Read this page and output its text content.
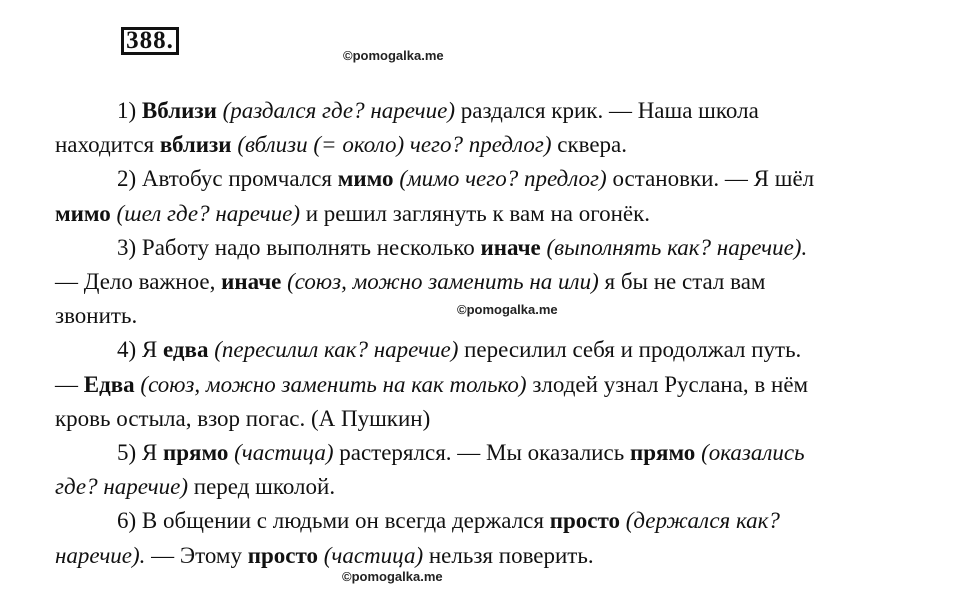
388.
©pomogalka.me
©pomogalka.me
©pomogalka.me
1) Вблизи (раздался где? наречие) раздался крик. — Наша школа
находится вблизи (вблизи (= около) чего? предлог) сквера.
2) Автобус промчался мимо (мимо чего? предлог) остановки. — Я шёл
мимо (шел где? наречие) и решил заглянуть к вам на огонёк.
3) Работу надо выполнять несколько иначе (выполнять как? наречие).
— Дело важное, иначе (союз, можно заменить на или) я бы не стал вам
звонить.
4) Я едва (пересилил как? наречие) пересилил себя и продолжал путь.
— Едва (союз, можно заменить на как только) злодей узнал Руслана, в нём
кровь остыла, взор погас. (А Пушкин)
5) Я прямо (частица) растерялся. — Мы оказались прямо (оказались
где? наречие) перед школой.
6) В общении с людьми он всегда держался просто (держался как?
наречие). — Этому просто (частица) нельзя поверить.
